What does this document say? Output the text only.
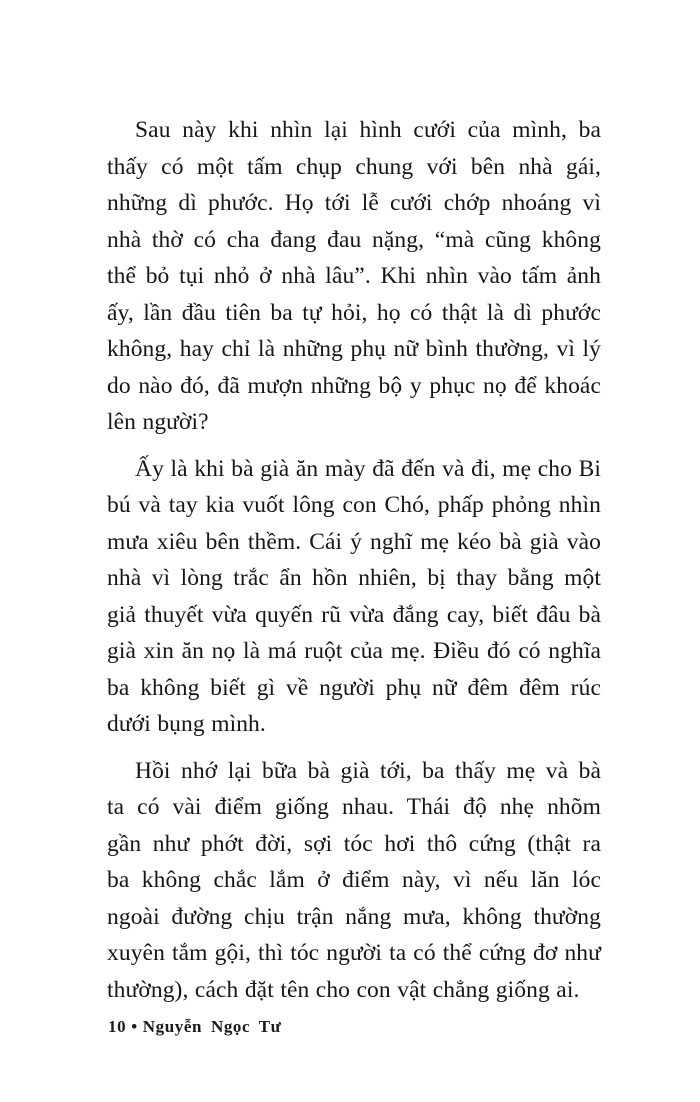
Sau này khi nhìn lại hình cưới của mình, ba
thấy có một tấm chụp chung với bên nhà gái,
những dì phước. Họ tới lễ cưới chớp nhoáng vì
nhà thờ có cha đang đau nặng, “mà cũng không
thể bỏ tụi nhỏ ở nhà lâu”. Khi nhìn vào tấm ảnh
ấy, lần đầu tiên ba tự hỏi, họ có thật là dì phước
không, hay chỉ là những phụ nữ bình thường, vì lý
do nào đó, đã mượn những bộ y phục nọ để khoác
lên người?

Ấy là khi bà già ăn mày đã đến và đi, mẹ cho Bi
bú và tay kia vuốt lông con Chó, phấp phỏng nhìn
mưa xiêu bên thềm. Cái ý nghĩ mẹ kéo bà già vào
nhà vì lòng trắc ẩn hồn nhiên, bị thay bằng một
giả thuyết vừa quyến rũ vừa đắng cay, biết đâu bà
già xin ăn nọ là má ruột của mẹ. Điều đó có nghĩa
ba không biết gì về người phụ nữ đêm đêm rúc
dưới bụng mình.

Hồi nhớ lại bữa bà già tới, ba thấy mẹ và bà
ta có vài điểm giống nhau. Thái độ nhẹ nhõm
gần như phớt đời, sợi tóc hơi thô cứng (thật ra
ba không chắc lắm ở điểm này, vì nếu lăn lóc
ngoài đường chịu trận nắng mưa, không thường
xuyên tắm gội, thì tóc người ta có thể cứng đơ như
thường), cách đặt tên cho con vật chẳng giống ai.

10 • Nguyễn Ngọc Tư
